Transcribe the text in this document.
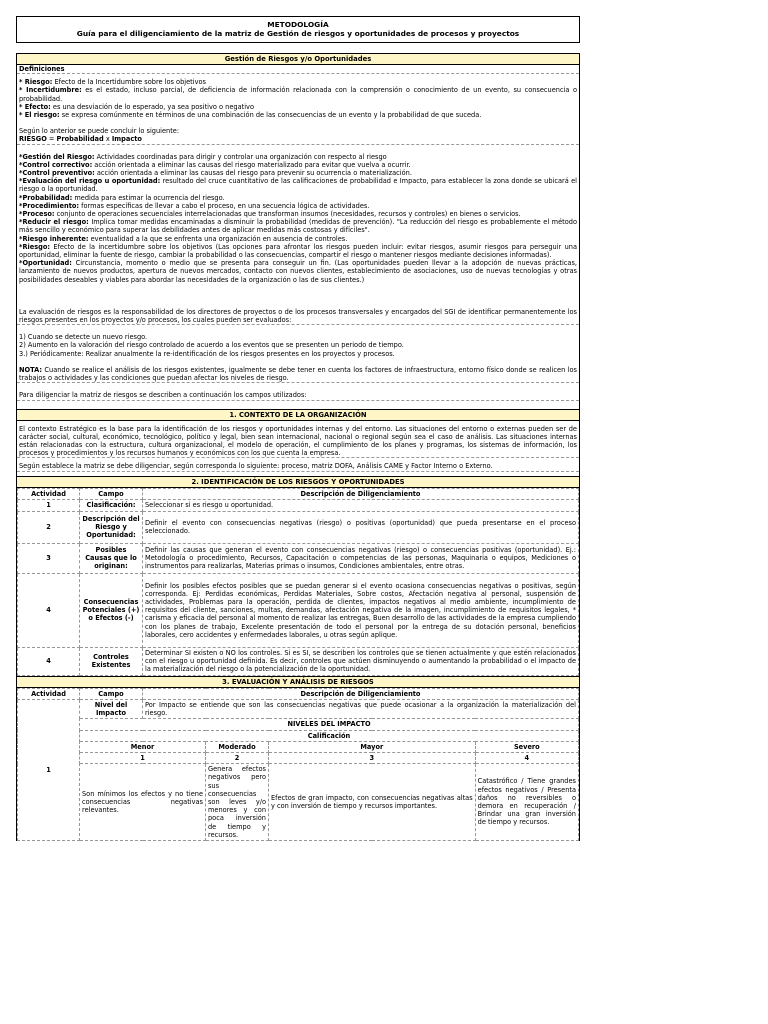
METODOLOGÍA
Guía para el diligenciamiento de la matriz de Gestión de riesgos y oportunidades de procesos y proyectos
Gestión de Riesgos y/o Oportunidades
Definiciones
* Riesgo: Efecto de la Incertidumbre sobre los objetivos
* Incertidumbre: es el estado, incluso parcial, de deficiencia de información relacionada con la comprensión o conocimiento de un evento, su consecuencia o probabilidad.
* Efecto: es una desviación de lo esperado, ya sea positivo o negativo
* El riesgo: se expresa comúnmente en términos de una combinación de las consecuencias de un evento y la probabilidad de que suceda.
Según lo anterior se puede concluir lo siguiente:
RIESGO = Probabilidad x Impacto
*Gestión del Riesgo: Actividades coordinadas para dirigir y controlar una organización con respecto al riesgo
*Control correctivo: acción orientada a eliminar las causas del riesgo materializado para evitar que vuelva a ocurrir.
*Control preventivo: acción orientada a eliminar las causas del riesgo para prevenir su ocurrencia o materialización.
*Evaluación del riesgo u oportunidad: resultado del cruce cuantitativo de las calificaciones de probabilidad e Impacto, para establecer la zona donde se ubicará el riesgo o la oportunidad.
*Probabilidad: medida para estimar la ocurrencia del riesgo.
*Procedimiento: formas específicas de llevar a cabo el proceso, en una secuencia lógica de actividades.
*Proceso: conjunto de operaciones secuenciales interrelacionadas que transforman insumos (necesidades, recursos y controles) en bienes o servicios.
*Reducir el riesgo: Implica tomar medidas encaminadas a disminuir la probabilidad (medidas de prevención). "La reducción del riesgo es probablemente el método más sencillo y económico para superar las debilidades antes de aplicar medidas más costosas y difíciles".
*Riesgo inherente: eventualidad a la que se enfrenta una organización en ausencia de controles.
*Riesgo: Efecto de la incertidumbre sobre los objetivos (Las opciones para afrontar los riesgos pueden incluir: evitar riesgos, asumir riesgos para perseguir una oportunidad, eliminar la fuente de riesgo, cambiar la probabilidad o las consecuencias, compartir el riesgo o mantener riesgos mediante decisiones informadas).
*Oportunidad: Circunstancia, momento o medio que se presenta para conseguir un fin. (Las oportunidades pueden llevar a la adopción de nuevas prácticas, lanzamiento de nuevos productos, apertura de nuevos mercados, contacto con nuevos clientes, establecimiento de asociaciones, uso de nuevas tecnologías y otras posibilidades deseables y viables para abordar las necesidades de la organización o las de sus clientes.)
La evaluación de riesgos es la responsabilidad de los directores de proyectos o de los procesos transversales y encargados del SGI de identificar permanentemente los riesgos presentes en los proyectos y/o procesos, los cuales pueden ser evaluados:
1) Cuando se detecte un nuevo riesgo.
2) Aumento en la valoración del riesgo controlado de acuerdo a los eventos que se presenten un periodo de tiempo.
3.) Periódicamente: Realizar anualmente la re-identificación de los riesgos presentes en los proyectos y procesos.
NOTA: Cuando se realice el análisis de los riesgos existentes, igualmente se debe tener en cuenta los factores de infraestructura, entorno físico donde se realicen los trabajos o actividades y las condiciones que puedan afectar los niveles de riesgo.
Para diligenciar la matriz de riesgos se describen a continuación los campos utilizados:
1. CONTEXTO DE LA ORGANIZACIÓN
El contexto Estratégico es la base para la identificación de los riesgos y oportunidades internas y del entorno. Las situaciones del entorno o externas pueden ser de carácter social, cultural, económico, tecnológico, político y legal, bien sean internacional, nacional o regional según sea el caso de análisis. Las situaciones internas están relacionadas con la estructura, cultura organizacional, el modelo de operación, el cumplimiento de los planes y programas, los sistemas de información, los procesos y procedimientos y los recursos humanos y económicos con los que cuenta la empresa.
Según establece la matriz se debe diligenciar, según corresponda lo siguiente: proceso, matriz DOFA, Análisis CAME y Factor Interno o Externo.
2. IDENTIFICACIÓN DE LOS RIESGOS Y OPORTUNIDADES
Actividad	Campo	Descripción de Diligenciamiento
1	Clasificación:	Seleccionar si es riesgo u oportunidad.
2	Descripción del Riesgo y Oportunidad:	Definir el evento con consecuencias negativas (riesgo) o positivas (oportunidad) que pueda presentarse en el proceso seleccionado.
3	Posibles Causas que lo originan:	Definir las causas que generan el evento con consecuencias negativas (riesgo) o consecuencias positivas (oportunidad). Ej.: Metodología o procedimiento, Recursos, Capacitación o competencias de las personas, Maquinaria o equipos, Mediciones o instrumentos para realizarlas, Materias primas o insumos, Condiciones ambientales, entre otras.
4	Consecuencias Potenciales (+) o Efectos (-)	Definir los posibles efectos posibles que se puedan generar si el evento ocasiona consecuencias negativas o positivas, según corresponda. Ej: Perdidas económicas, Perdidas Materiales, Sobre costos, Afectación negativa al personal, suspensión de actividades, Problemas para la operación, perdida de clientes, impactos negativos al medio ambiente, incumplimiento de requisitos del cliente, sanciones, multas, demandas, afectación negativa de la imagen, incumplimiento de requisitos legales, * carisma y eficacia del personal al momento de realizar las entregas, Buen desarrollo de las actividades de la empresa cumpliendo con los planes de trabajo, Excelente presentación de todo el personal por la entrega de su dotación personal, beneficios laborales, cero accidentes y enfermedades laborales, u otras según aplique.
4	Controles Existentes	Determinar SI existen o NO los controles. Si es SI, se describen los controles que se tienen actualmente y que estén relacionados con el riesgo u oportunidad definida. Es decir, controles que actúen disminuyendo o aumentando la probabilidad o el impacto de la materialización del riesgo o la potencialización de la oportunidad.
3. EVALUACIÓN Y ANÁLISIS DE RIESGOS
Actividad	Campo	Descripción de Diligenciamiento			
1	Nivel del Impacto	Por Impacto se entiende que son las consecuencias negativas que puede ocasionar a la organización la materialización del riesgo.			
	NIVELES DEL IMPACTO				
	Calificación				
	Menor		Moderado	Mayor	Severo
	1		2	3	4
	Son mínimos los efectos y no tiene consecuencias negativas relevantes.		Genera efectos negativos pero sus consecuencias son leves y/o menores y con poca inversión de tiempo y recursos.	Efectos de gran impacto, con consecuencias negativas altas y con inversión de tiempo y recursos importantes.	Catastrófico / Tiene grandes efectos negativos / Presenta daños no reversibles o demora en recuperación / Brindar una gran inversión de tiempo y recursos.
